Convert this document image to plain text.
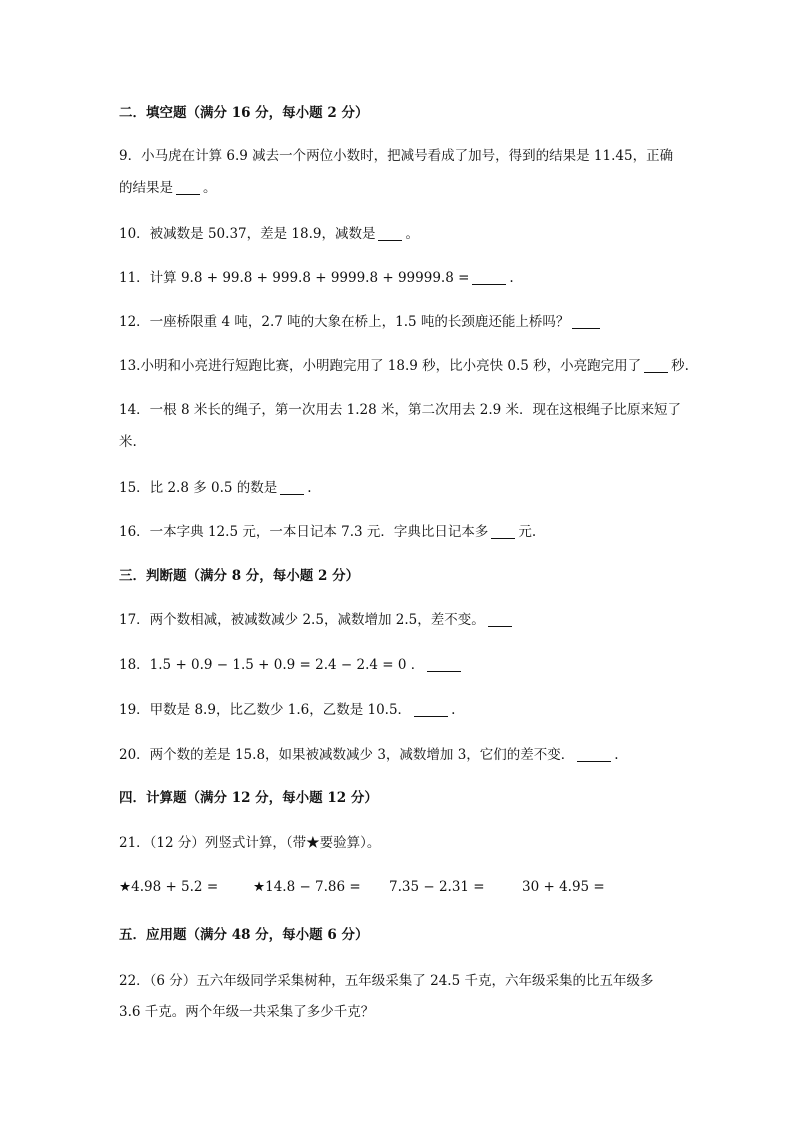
二．填空题（满分 16 分，每小题 2 分）
9．小马虎在计算 6.9 减去一个两位小数时，把减号看成了加号，得到的结果是 11.45，正确
的结果是 。
10．被减数是 50.37，差是 18.9，减数是 。
11．计算 9.8 + 99.8 + 999.8 + 9999.8 + 99999.8 =	.
12．一座桥限重 4 吨，2.7 吨的大象在桥上，1.5 吨的长颈鹿还能上桥吗？
13.小明和小亮进行短跑比赛，小明跑完用了 18.9 秒，比小亮快 0.5 秒，小亮跑完用了 秒.
14．一根 8 米长的绳子，第一次用去 1.28 米，第二次用去 2.9 米．现在这根绳子比原来短了
米.
15．比 2.8 多 0.5 的数是 .
16．一本字典 12.5 元，一本日记本 7.3 元．字典比日记本多 元.
三．判断题（满分 8 分，每小题 2 分）
17．两个数相减，被减数减少 2.5，减数增加 2.5，差不变。
18．1.5 + 0.9 − 1.5 + 0.9 = 2.4 − 2.4 = 0 ．
19．甲数是 8.9，比乙数少 1.6，乙数是 10.5．	.
20．两个数的差是 15.8，如果被减数减少 3，减数增加 3，它们的差不变．	.
四．计算题（满分 12 分，每小题 12 分）
21．（12 分）列竖式计算，（带★要验算）。
★4.98 + 5.2 =	★14.8 − 7.86 = 7.35 − 2.31 =	30 + 4.95 =
五．应用题（满分 48 分，每小题 6 分）
22．（6 分）五六年级同学采集树种，五年级采集了 24.5 千克，六年级采集的比五年级多
3.6 千克。两个年级一共采集了多少千克？
